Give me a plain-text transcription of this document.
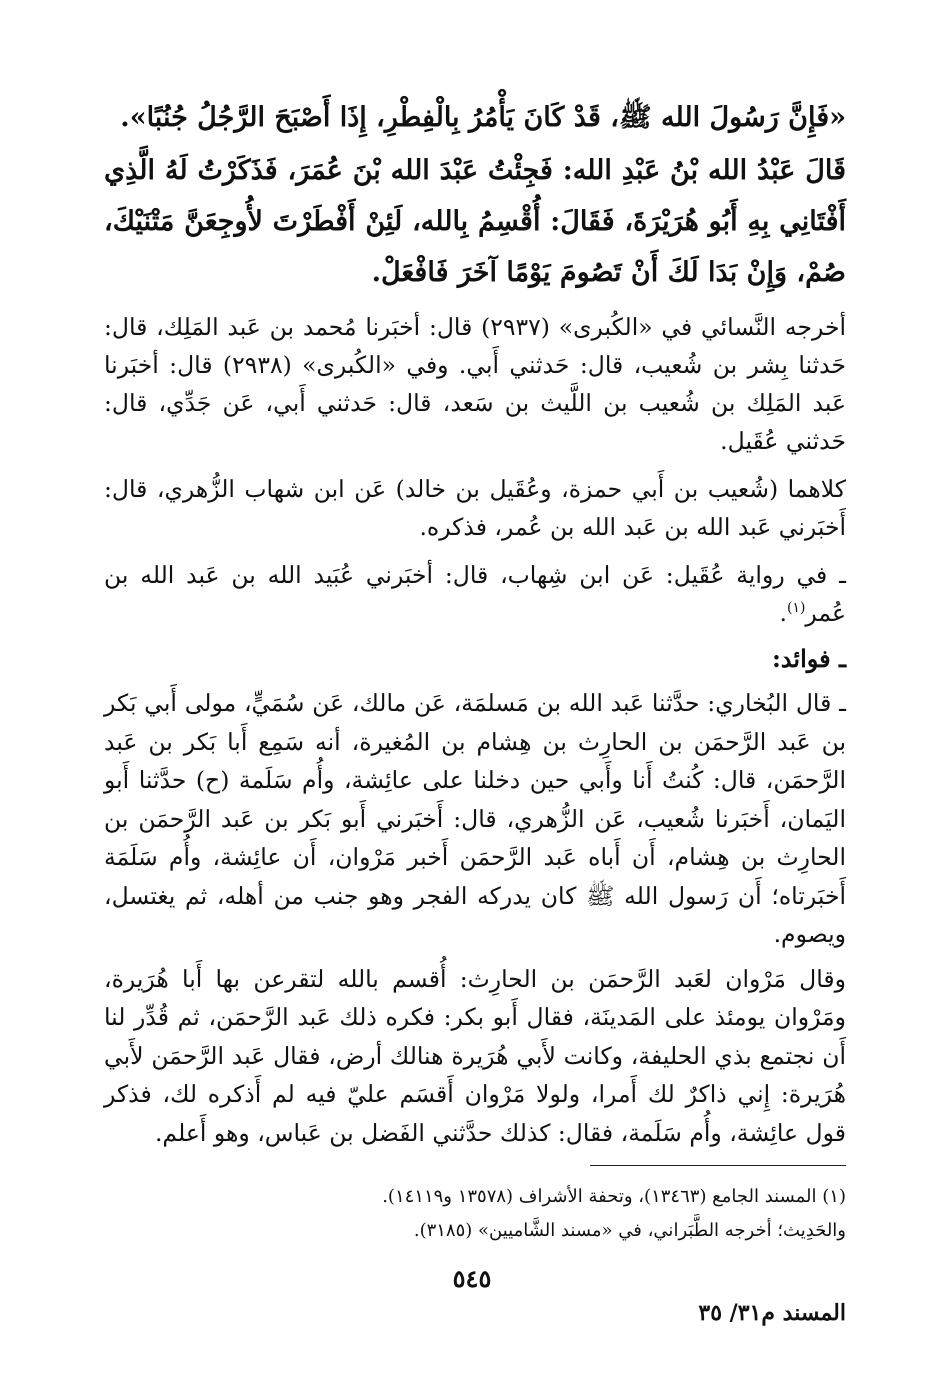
«فَإِنَّ رَسُولَ الله ﷺ، قَدْ كَانَ يَأْمُرُ بِالْفِطْرِ، إِذَا أَصْبَحَ الرَّجُلُ جُنُبًا».

قَالَ عَبْدُ الله بْنُ عَبْدِ الله: فَجِئْتُ عَبْدَ الله بْنَ عُمَرَ، فَذَكَرْتُ لَهُ الَّذِي أَفْتَانِي بِهِ أَبُو هُرَيْرَةَ، فَقَالَ: أُقْسِمُ بِالله، لَئِنْ أَفْطَرْتَ لأُوجِعَنَّ مَتْنَيْكَ، صُمْ، وَإِنْ بَدَا لَكَ أَنْ تَصُومَ يَوْمًا آخَرَ فَافْعَلْ.

أخرجه النَّسائي في «الكُبرى» (٢٩٣٧) قال: أخبَرنا مُحمد بن عَبد المَلِك، قال: حَدثنا بِشر بن شُعيب، قال: حَدثني أَبي. وفي «الكُبرى» (٢٩٣٨) قال: أخبَرنا عَبد المَلِك بن شُعيب بن اللَّيث بن سَعد، قال: حَدثني أَبي، عَن جَدِّي، قال: حَدثني عُقَيل.

كلاهما (شُعيب بن أَبي حمزة، وعُقَيل بن خالد) عَن ابن شهاب الزُّهري، قال: أَخبَرني عَبد الله بن عَبد الله بن عُمر، فذكره.

ـ في رواية عُقَيل: عَن ابن شِهاب، قال: أخبَرني عُبَيد الله بن عَبد الله بن عُمر$^{(١)}$.

ـ فوائد:

ـ قال البُخاري: حدَّثنا عَبد الله بن مَسلمَة، عَن مالك، عَن سُمَيٍّ، مولى أَبي بَكر بن عَبد الرَّحمَن بن الحارِث بن هِشام بن المُغيرة، أنه سَمِع أَبا بَكر بن عَبد الرَّحمَن، قال: كُنتُ أَنا وأَبي حين دخلنا على عائِشة، وأُم سَلَمة (ح) حدَّثنا أَبو اليَمان، أَخبَرنا شُعيب، عَن الزُّهري، قال: أَخبَرني أَبو بَكر بن عَبد الرَّحمَن بن الحارِث بن هِشام، أَن أَباه عَبد الرَّحمَن أَخبر مَرْوان، أَن عائِشة، وأُم سَلَمَة أَخبَرتاه؛ أَن رَسول الله ﷺ كان يدركه الفجر وهو جنب من أهله، ثم يغتسل، ويصوم.

وقال مَرْوان لعَبد الرَّحمَن بن الحارِث: أُقسم بالله لتقرعن بها أَبا هُرَيرة، ومَرْوان يومئذ على المَدينَة، فقال أَبو بكر: فكره ذلك عَبد الرَّحمَن، ثم قُدِّر لنا أَن نجتمع بذي الحليفة، وكانت لأَبي هُرَيرة هنالك أرض، فقال عَبد الرَّحمَن لأَبي هُرَيرة: إِني ذاكرٌ لك أَمرا، ولولا مَرْوان أَقسَم عليّ فيه لم أَذكره لك، فذكر قول عائِشة، وأُم سَلَمة، فقال: كذلك حدَّثني الفَضل بن عَباس، وهو أَعلم.

(١) المسند الجامع (١٣٤٦٣)، وتحفة الأشراف (١٣٥٧٨ و١٤١١٩).

والحَدِيث؛ أخرجه الطَّبَراني، في «مسند الشَّاميين» (٣١٨٥).

٥٤٥
المسند م٣١/ ٣٥
